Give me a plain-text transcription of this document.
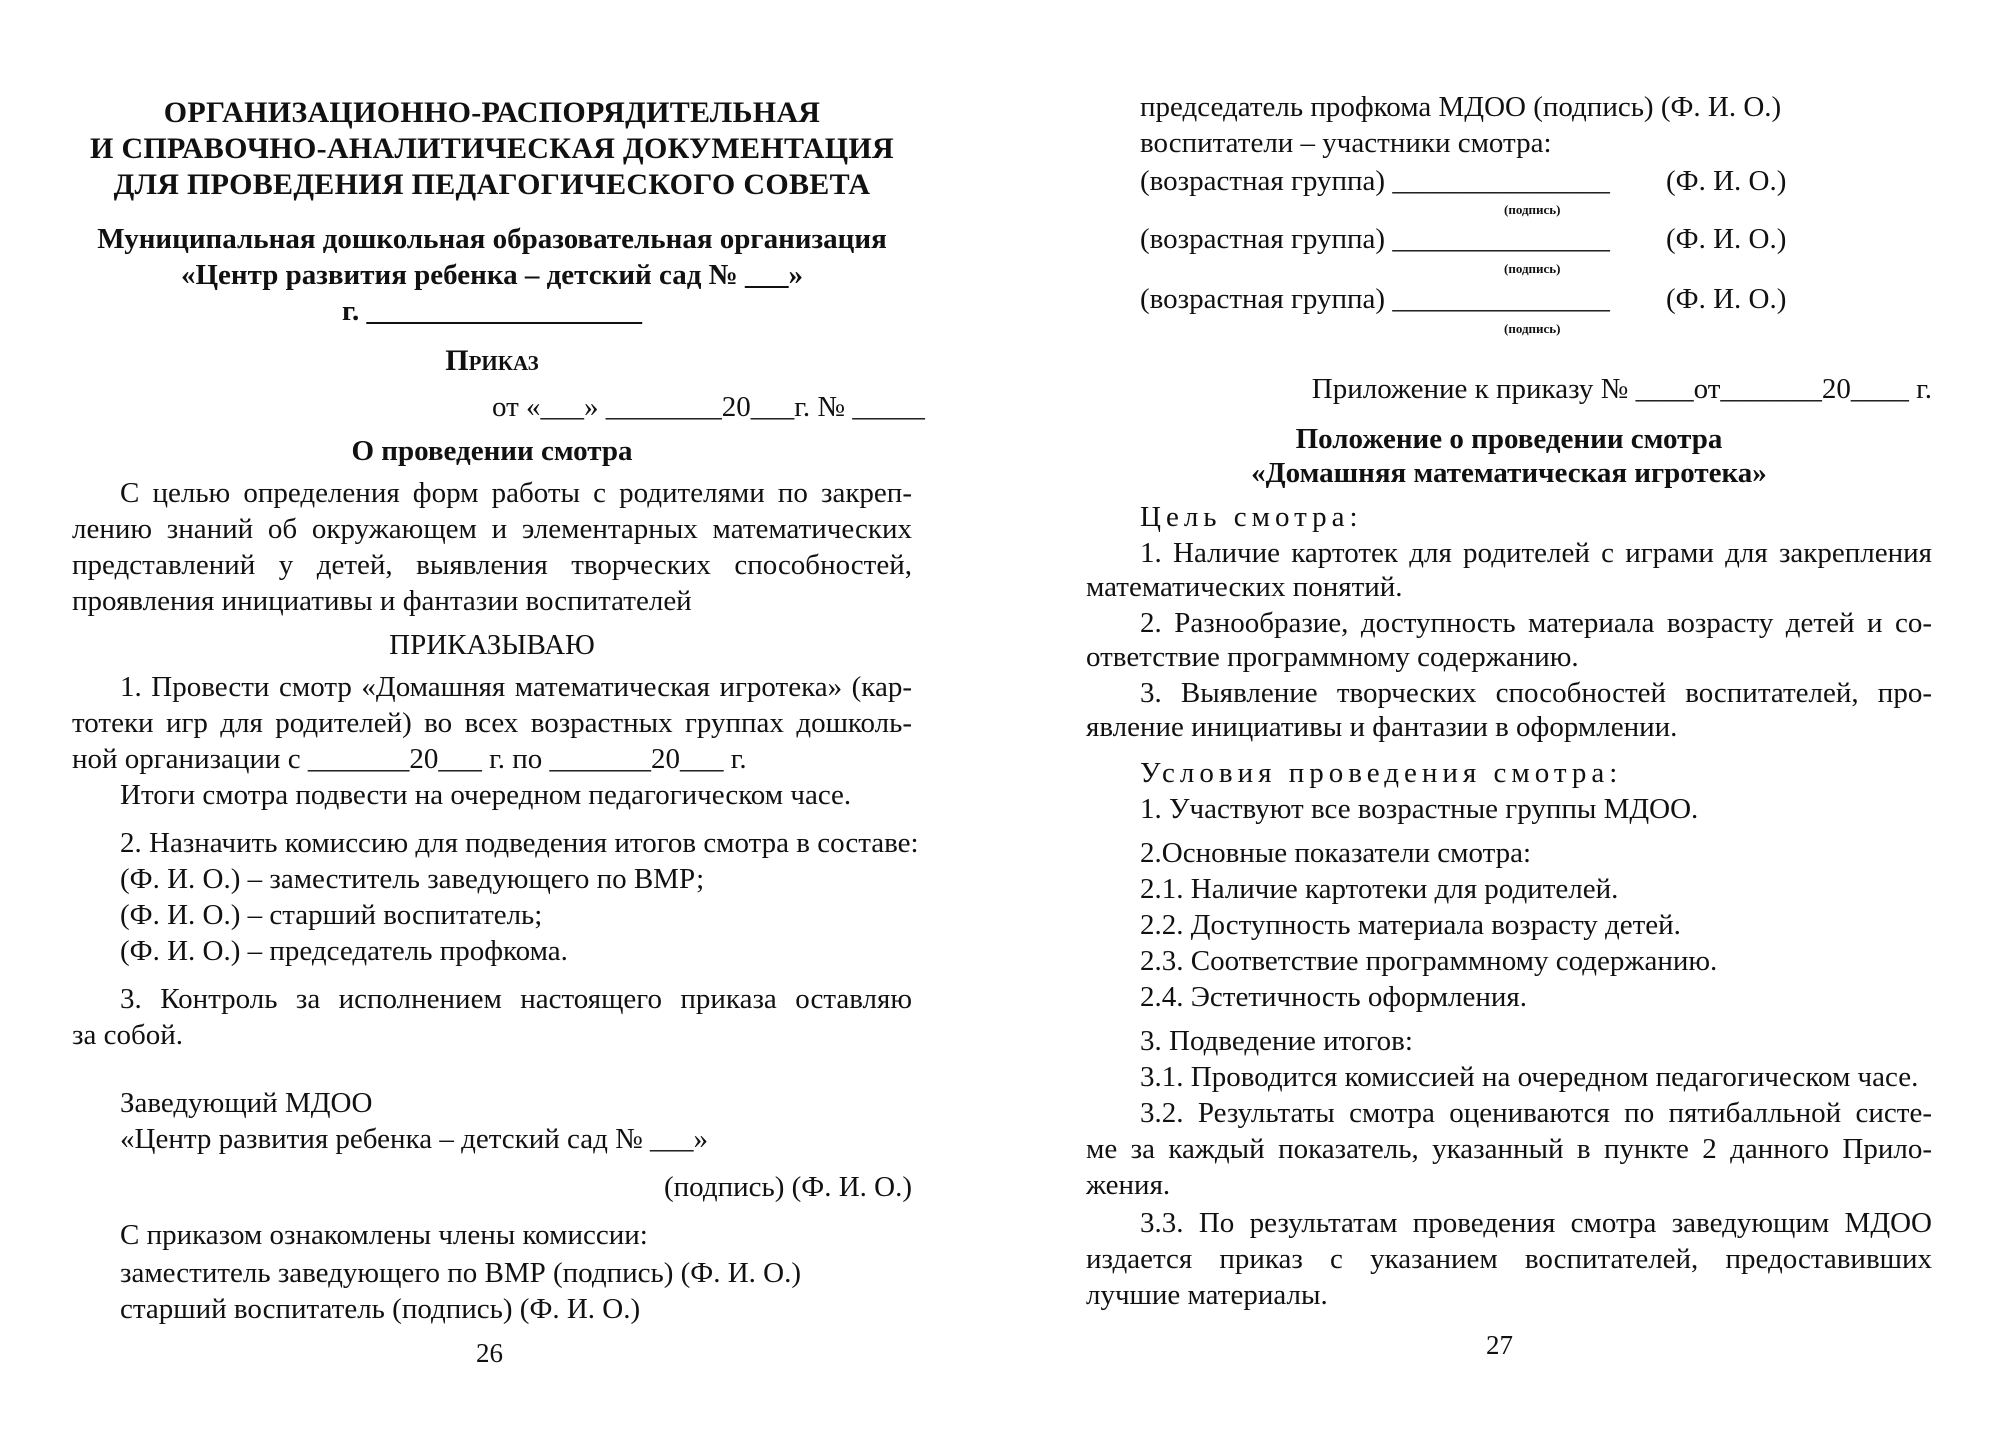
ОРГАНИЗАЦИОННО-РАСПОРЯДИТЕЛЬНАЯ
И СПРАВОЧНО-АНАЛИТИЧЕСКАЯ ДОКУМЕНТАЦИЯ
ДЛЯ ПРОВЕДЕНИЯ ПЕДАГОГИЧЕСКОГО СОВЕТА
Муниципальная дошкольная образовательная организация
«Центр развития ребенка – детский сад № ___»
г. ___________________
Приказ
от «___» ________20___г. № _____
О проведении смотра
С целью определения форм работы с родителями по закреп-
лению знаний об окружающем и элементарных математических
представлений у детей, выявления творческих способностей,
проявления инициативы и фантазии воспитателей
ПРИКАЗЫВАЮ
1. Провести смотр «Домашняя математическая игротека» (кар-
тотеки игр для родителей) во всех возрастных группах дошколь-
ной организации с _______20___ г. по _______20___ г.
Итоги смотра подвести на очередном педагогическом часе.
2. Назначить комиссию для подведения итогов смотра в составе:
(Ф. И. О.) – заместитель заведующего по ВМР;
(Ф. И. О.) – старший воспитатель;
(Ф. И. О.) – председатель профкома.
3. Контроль за исполнением настоящего приказа оставляю
за собой.
Заведующий МДОО
«Центр развития ребенка – детский сад № ___»
(подпись) (Ф. И. О.)
С приказом ознакомлены члены комиссии:
заместитель заведующего по ВМР (подпись) (Ф. И. О.)
старший воспитатель (подпись) (Ф. И. О.)
26
председатель профкома МДОО (подпись) (Ф. И. О.)
воспитатели – участники смотра:
(возрастная группа) _______________	(Ф. И. О.)
(подпись)
(возрастная группа) _______________	(Ф. И. О.)
(подпись)
(возрастная группа) _______________	(Ф. И. О.)
(подпись)
Приложение к приказу № ____от_______20____ г.
Положение о проведении смотра
«Домашняя математическая игротека»
Цель смотра:
1. Наличие картотек для родителей с играми для закрепления
математических понятий.
2. Разнообразие, доступность материала возрасту детей и со-
ответствие программному содержанию.
3. Выявление творческих способностей воспитателей, про-
явление инициативы и фантазии в оформлении.
Условия проведения смотра:
1. Участвуют все возрастные группы МДОО.
2.Основные показатели смотра:
2.1. Наличие картотеки для родителей.
2.2. Доступность материала возрасту детей.
2.3. Соответствие программному содержанию.
2.4. Эстетичность оформления.
3. Подведение итогов:
3.1. Проводится комиссией на очередном педагогическом часе.
3.2. Результаты смотра оцениваются по пятибалльной систе-
ме за каждый показатель, указанный в пункте 2 данного Прило-
жения.
3.3. По результатам проведения смотра заведующим МДОО
издается приказ с указанием воспитателей, предоставивших
лучшие материалы.
27
